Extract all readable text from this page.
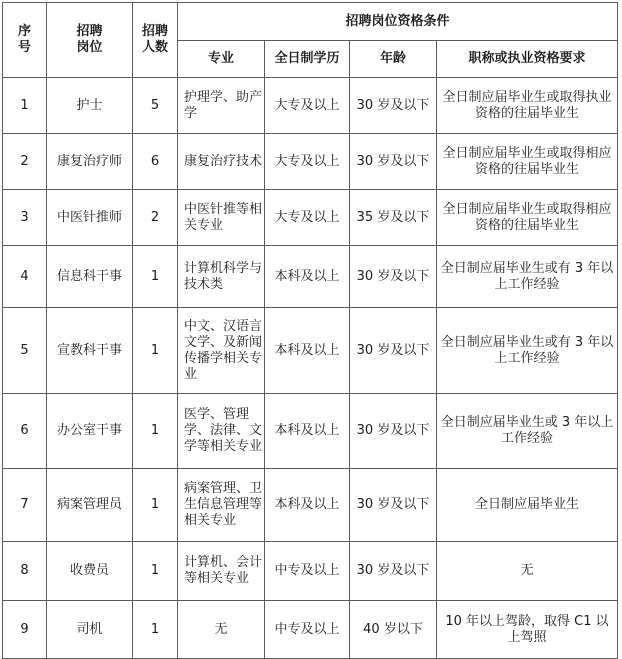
序号	招聘岗位	招聘人数	招聘岗位资格条件			
			专业	全日制学历	年龄	职称或执业资格要求
1	护士	5	护理学、助产学	大专及以上	30 岁及以下	全日制应届毕业生或取得执业资格的往届毕业生
2	康复治疗师	6	康复治疗技术	大专及以上	30 岁及以下	全日制应届毕业生或取得相应资格的往届毕业生
3	中医针推师	2	中医针推等相关专业	大专及以上	35 岁及以下	全日制应届毕业生或取得相应资格的往届毕业生
4	信息科干事	1	计算机科学与技术类	本科及以上	30 岁及以下	全日制应届毕业生或有 3 年以上工作经验
5	宣教科干事	1	中文、汉语言文学、及新闻传播学相关专业	本科及以上	30 岁及以下	全日制应届毕业生或有 3 年以上工作经验
6	办公室干事	1	医学、管理学、法律、文学等相关专业	本科及以上	30 岁及以下	全日制应届毕业生或 3 年以上工作经验
7	病案管理员	1	病案管理、卫生信息管理等相关专业	本科及以上	30 岁及以下	全日制应届毕业生
8	收费员	1	计算机、会计等相关专业	中专及以上	30 岁及以下	无
9	司机	1	无	中专及以上	40 岁以下	10 年以上驾龄，取得 C1 以上驾照
